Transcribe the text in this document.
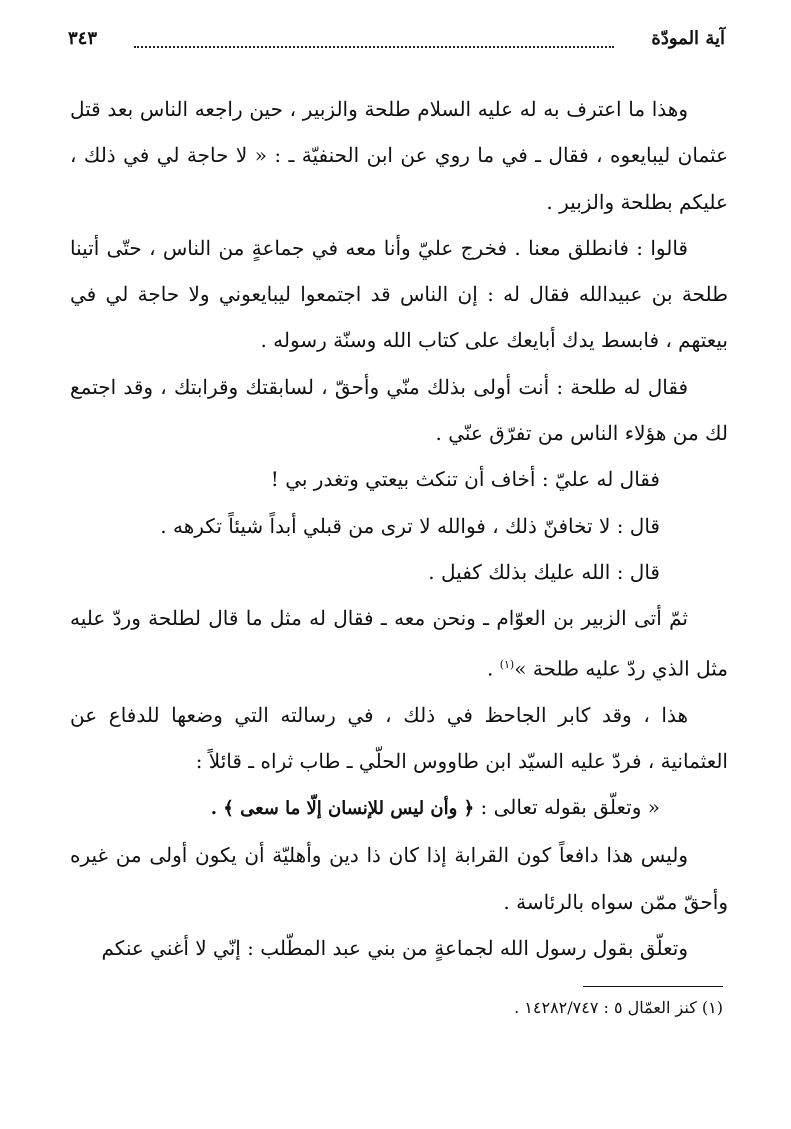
آية المودّة
٣٤٣

وهذا ما اعترف به له عليه السلام طلحة والزبير ، حين راجعه الناس بعد قتل عثمان ليبايعوه ، فقال ـ في ما روي عن ابن الحنفيّة ـ : « لا حاجة لي في ذلك ، عليكم بطلحة والزبير .

قالوا : فانطلق معنا . فخرج عليّ وأنا معه في جماعةٍ من الناس ، حتّى أتينا طلحة بن عبيدالله فقال له : إن الناس قد اجتمعوا ليبايعوني ولا حاجة لي في بيعتهم ، فابسط يدك أبايعك على كتاب الله وسنّة رسوله .

فقال له طلحة : أنت أولى بذلك منّي وأحقّ ، لسابقتك وقرابتك ، وقد اجتمع لك من هؤلاء الناس من تفرّق عنّي .

فقال له عليّ : أخاف أن تنكث بيعتي وتغدر بي !

قال : لا تخافنّ ذلك ، فوالله لا ترى من قبلي أبداً شيئاً تكرهه .

قال : الله عليك بذلك كفيل .

ثمّ أتى الزبير بن العوّام ـ ونحن معه ـ فقال له مثل ما قال لطلحة وردّ عليه مثل الذي ردّ عليه طلحة »$^{(١)}$ .

هذا ، وقد كابر الجاحظ في ذلك ، في رسالته التي وضعها للدفاع عن العثمانية ، فردّ عليه السيّد ابن طاووس الحلّي ـ طاب ثراه ـ قائلاً :

« وتعلّق بقوله تعالى : ﴿ وأن ليس للإنسان إلّا ما سعى ﴾ .

وليس هذا دافعاً كون القرابة إذا كان ذا دين وأهليّة أن يكون أولى من غيره وأحقّ ممّن سواه بالرئاسة .

وتعلّق بقول رسول الله لجماعةٍ من بني عبد المطّلب : إنّي لا أغني عنكم

(١) كنز العمّال ٥ : ١٤٢٨٢/٧٤٧ .
